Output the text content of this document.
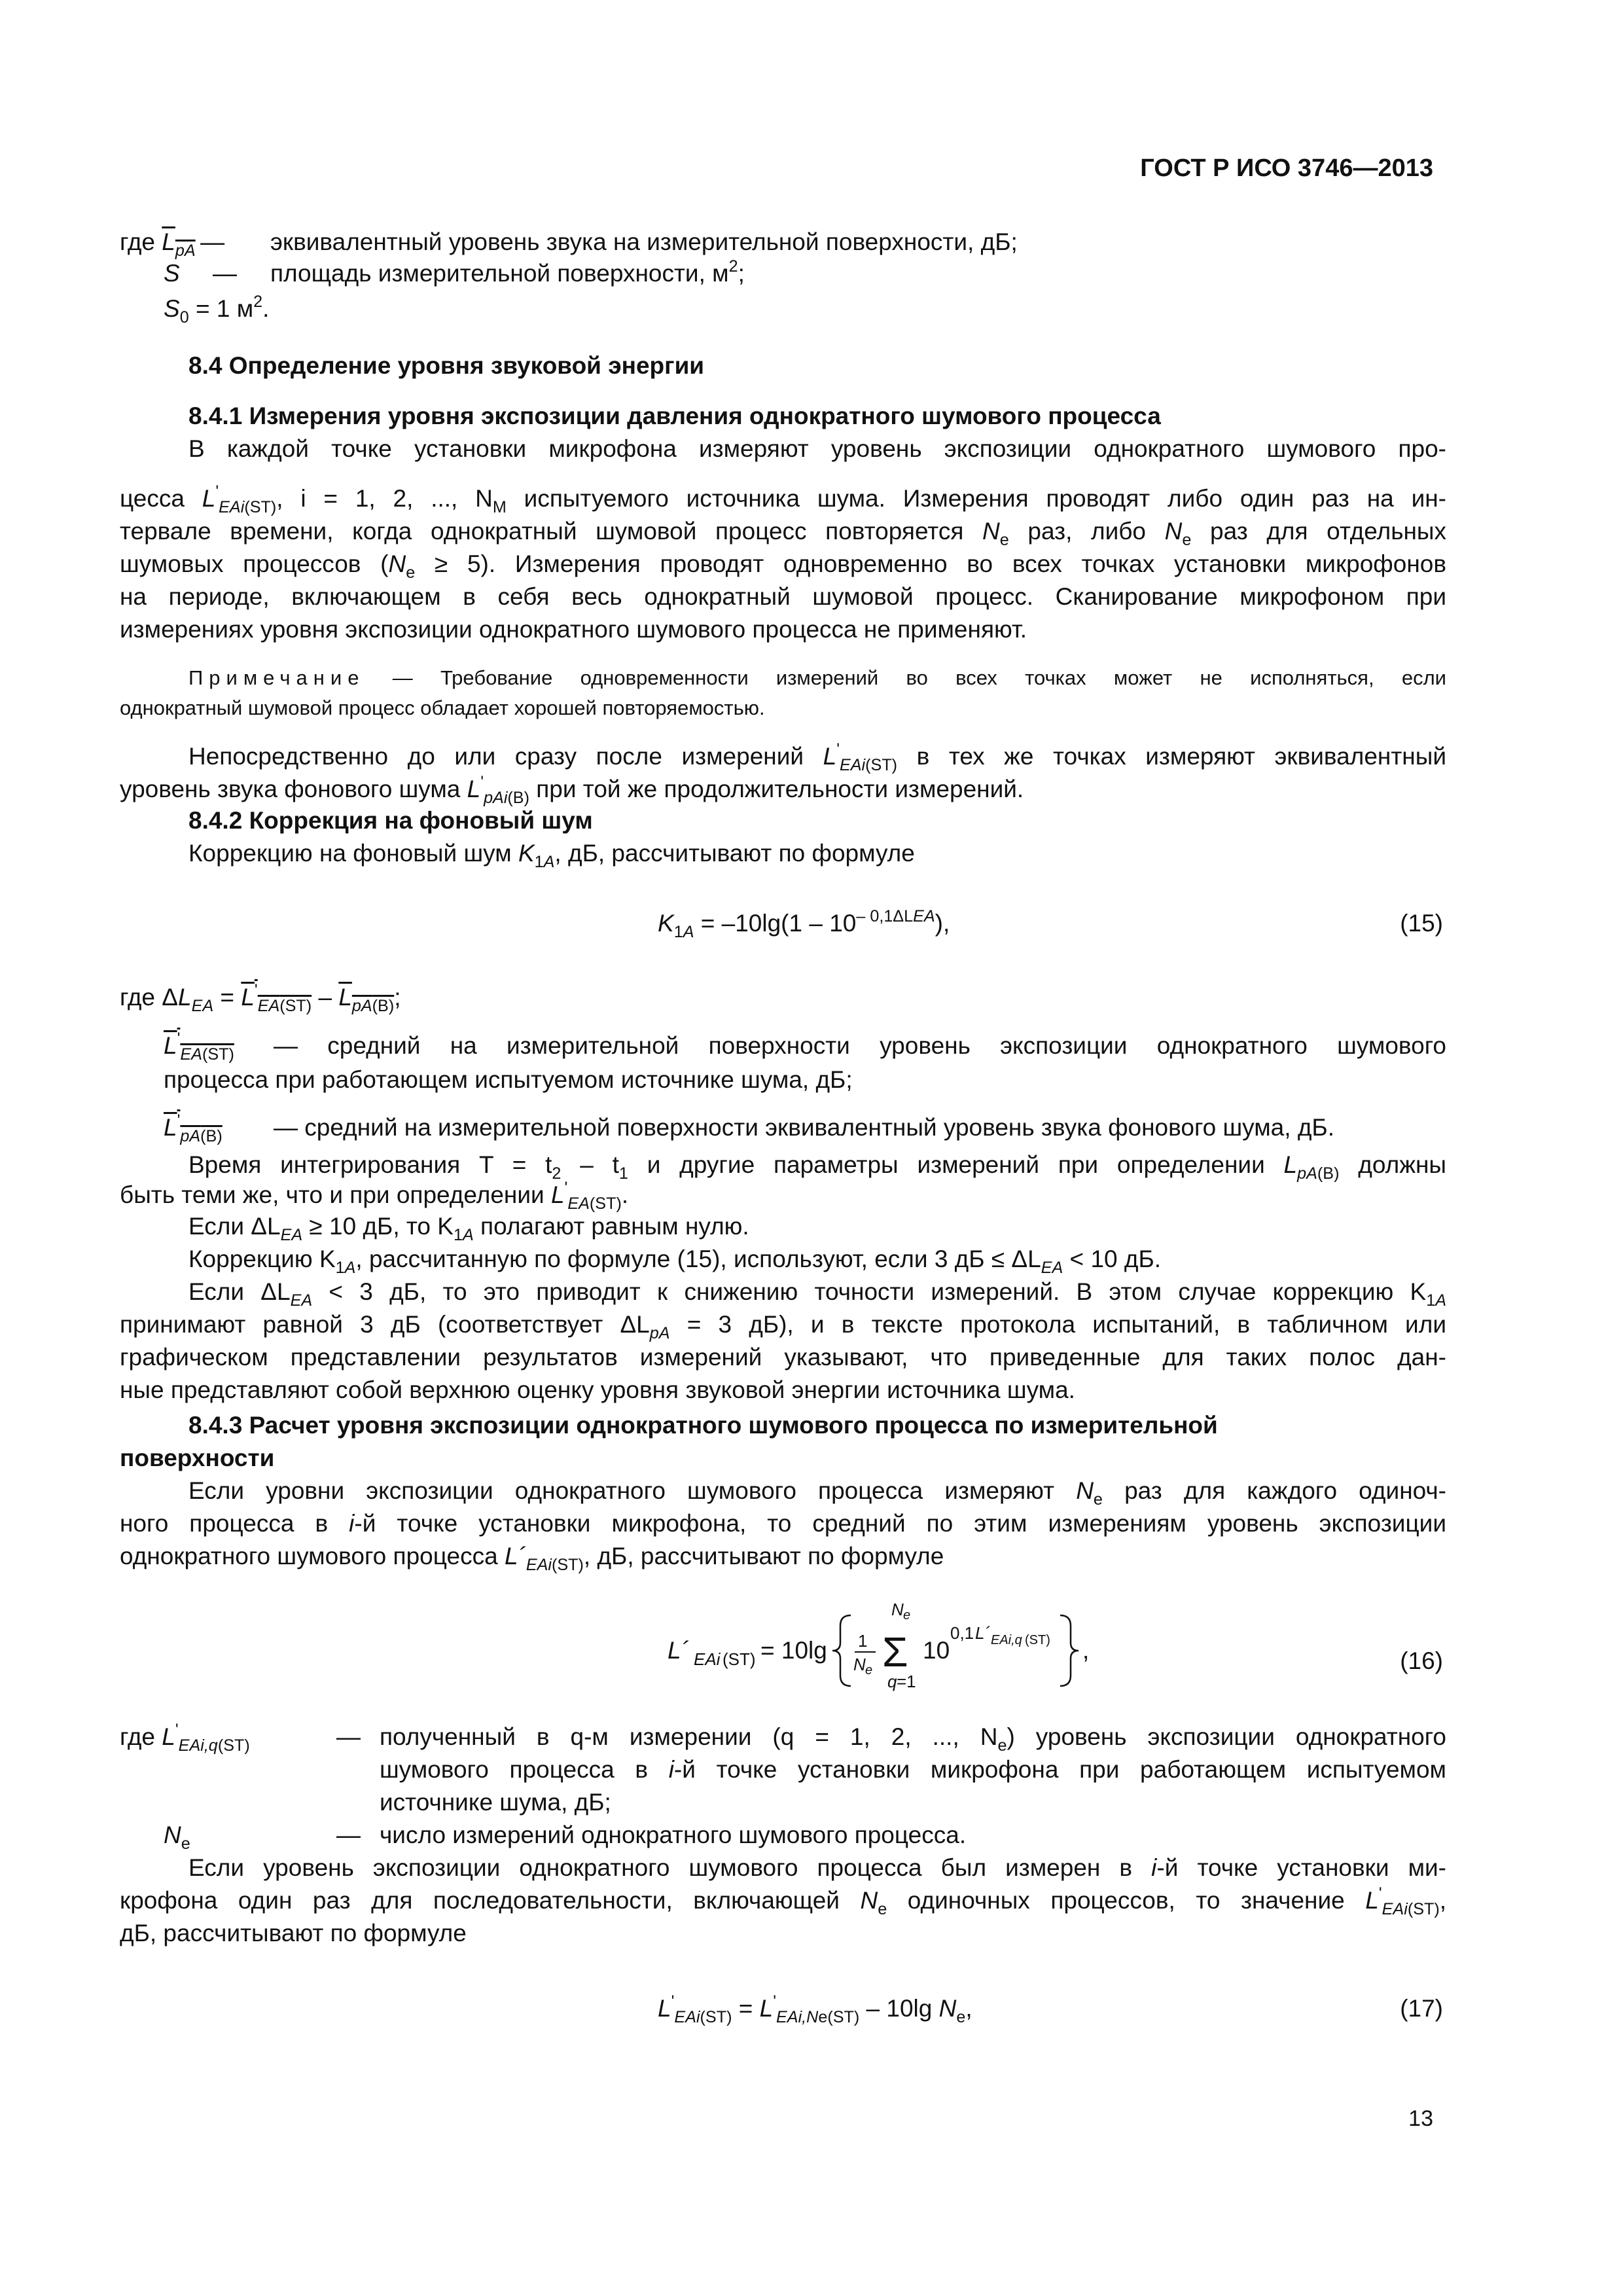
ГОСТ Р ИСО 3746—2013
где $L_{pA}$ — эквивалентный уровень звука на измерительной поверхности, дБ;
S — площадь измерительной поверхности, $м^2$;
$S_0 = 1$ $м^2$.
8.4 Определение уровня звуковой энергии
8.4.1 Измерения уровня экспозиции давления однократного шумового процесса
В каждой точке установки микрофона измеряют уровень экспозиции однократного шумового про-
цесса $L'_{EAi(ST)}$, i = 1, 2, ..., $N_M$ испытуемого источника шума. Измерения проводят либо один раз на ин-
тервале времени, когда однократный шумовой процесс повторяется $N_e$ раз, либо $N_e$ раз для отдельных
шумовых процессов $(N_e \ge 5)$. Измерения проводят одновременно во всех точках установки микрофонов
на периоде, включающем в себя весь однократный шумовой процесс. Сканирование микрофоном при
измерениях уровня экспозиции однократного шумового процесса не применяют.
Примечание — Требование одновременности измерений во всех точках может не исполняться, если
однократный шумовой процесс обладает хорошей повторяемостью.
Непосредственно до или сразу после измерений $L'_{EAi(ST)}$ в тех же точках измеряют эквивалентный
уровень звука фонового шума $L'_{pAi(B)}$ при той же продолжительности измерений.
8.4.2 Коррекция на фоновый шум
Коррекцию на фоновый шум $K_{1A}$, дБ, рассчитывают по формуле
$K_{1A} = -10\lg(1 - 10^{- 0,1\Delta LEA})$,	(15)
где $\Delta L_{EA} = L'_{EA(ST)} - L_{pA(B)}$;
$L'_{EA(ST)}$ — средний на измерительной поверхности уровень экспозиции однократного шумового
процесса при работающем испытуемом источнике шума, дБ;
$L'_{pA(B)}$ — средний на измерительной поверхности эквивалентный уровень звука фонового шума, дБ.
Время интегрирования $T = t_2 - t_1$ и другие параметры измерений при определении $L_{pA(B)}$ должны
быть теми же, что и при определении $L'_{EA(ST)}$.
Если $\Delta L_{EA} \ge 10$ дБ, то $K_{1A}$ полагают равным нулю.
Коррекцию $K_{1A}$, рассчитанную по формуле (15), используют, если 3 дБ ≤ $\Delta L_{EA} < 10$ дБ.
Если $\Delta L_{EA} < 3$ дБ, то это приводит к снижению точности измерений. В этом случае коррекцию $K_{1A}$
принимают равной 3 дБ (соответствует $\Delta L_{pA} = 3$ дБ), и в тексте протокола испытаний, в табличном или
графическом представлении результатов измерений указывают, что приведенные для таких полос дан-
ные представляют собой верхнюю оценку уровня звуковой энергии источника шума.
8.4.3 Расчет уровня экспозиции однократного шумового процесса по измерительной
поверхности
Если уровни экспозиции однократного шумового процесса измеряют $N_e$ раз для каждого одиноч-
ного процесса в i-й точке установки микрофона, то средний по этим измерениям уровень экспозиции
однократного шумового процесса $L´_{EAi(ST)}$, дБ, рассчитывают по формуле
L´ EAi (ST) = 10lg 1
N e
N e
Σ
q =1
10
0,1 L´ EAi,q (ST) ,	(16)
где $L'_{EAi,q(ST)}$	— полученный в q-м измерении (q = 1, 2, ..., $N_e$) уровень экспозиции однократного
шумового процесса в i-й точке установки микрофона при работающем испытуемом
источнике шума, дБ;
$N_e$	— число измерений однократного шумового процесса.
Если уровень экспозиции однократного шумового процесса был измерен в i-й точке установки ми-
крофона один раз для последовательности, включающей $N_e$ одиночных процессов, то значение $L'_{EAi(ST)}$,
дБ, рассчитывают по формуле
$L'_{EAi(ST)} = L'_{EAi,Ne(ST)} - 10\lg$ $N_e$,	(17)
13
